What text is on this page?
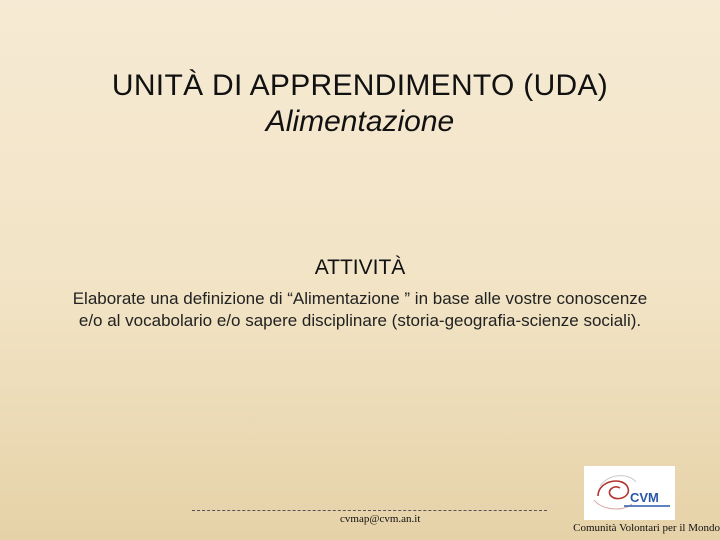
UNITÀ DI APPRENDIMENTO (UDA)
Alimentazione
ATTIVITÀ
Elaborate una definizione di “Alimentazione ” in base alle vostre conoscenze e/o al vocabolario e/o sapere disciplinare (storia-geografia-scienze sociali).
cvmap@cvm.an.it
CVM
Comunità Volontari per il Mondo
